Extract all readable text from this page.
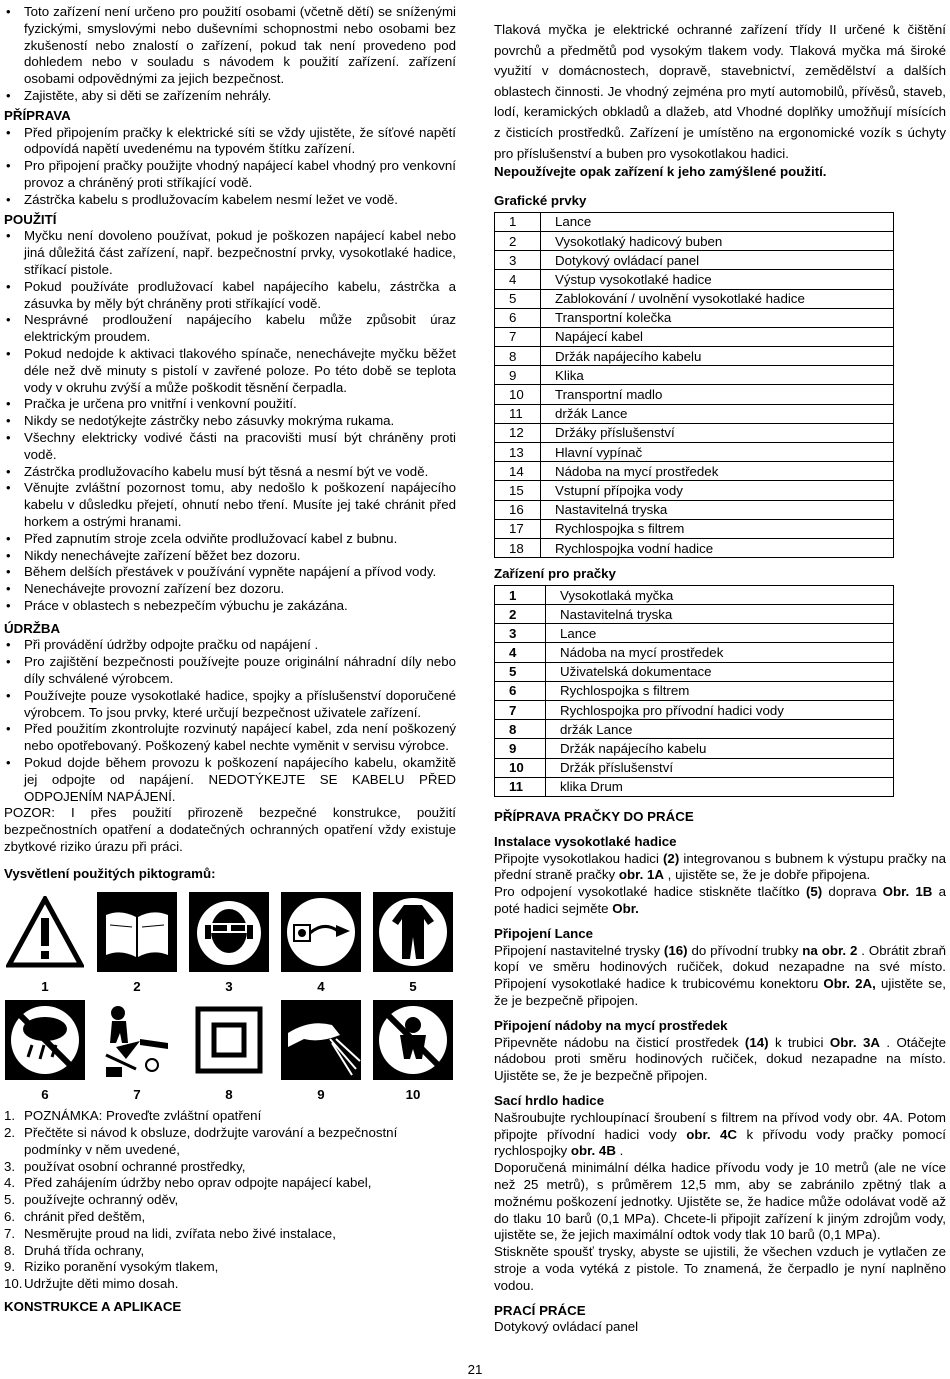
• Toto zařízení není určeno pro použití osobami (včetně dětí) se sníženými fyzickými, smyslovými nebo duševními schopnostmi nebo osobami bez zkušeností nebo znalostí o zařízení, pokud tak není provedeno pod dohledem nebo v souladu s návodem k použití zařízení. zařízení osobami odpovědnými za jejich bezpečnost.
• Zajistěte, aby si děti se zařízením nehrály.
PŘÍPRAVA
• Před připojením pračky k elektrické síti se vždy ujistěte, že síťové napětí odpovídá napětí uvedenému na typovém štítku zařízení.
• Pro připojení pračky použijte vhodný napájecí kabel vhodný pro venkovní provoz a chráněný proti stříkající vodě.
• Zástrčka kabelu s prodlužovacím kabelem nesmí ležet ve vodě.
POUŽITÍ
• Myčku není dovoleno používat, pokud je poškozen napájecí kabel nebo jiná důležitá část zařízení, např. bezpečnostní prvky, vysokotlaké hadice, stříkací pistole.
• Pokud používáte prodlužovací kabel napájecího kabelu, zástrčka a zásuvka by měly být chráněny proti stříkající vodě.
• Nesprávné prodloužení napájecího kabelu může způsobit úraz elektrickým proudem.
• Pokud nedojde k aktivaci tlakového spínače, nenechávejte myčku běžet déle než dvě minuty s pistolí v zavřené poloze. Po této době se teplota vody v okruhu zvýší a může poškodit těsnění čerpadla.
• Pračka je určena pro vnitřní i venkovní použití.
• Nikdy se nedotýkejte zástrčky nebo zásuvky mokrýma rukama.
• Všechny elektricky vodivé části na pracovišti musí být chráněny proti vodě.
• Zástrčka prodlužovacího kabelu musí být těsná a nesmí být ve vodě.
• Věnujte zvláštní pozornost tomu, aby nedošlo k poškození napájecího kabelu v důsledku přejetí, ohnutí nebo tření. Musíte jej také chránit před horkem a ostrými hranami.
• Před zapnutím stroje zcela odviňte prodlužovací kabel z bubnu.
• Nikdy nenechávejte zařízení běžet bez dozoru.
• Během delších přestávek v používání vypněte napájení a přívod vody.
• Nenechávejte provozní zařízení bez dozoru.
• Práce v oblastech s nebezpečím výbuchu je zakázána.
ÚDRŽBA
• Při provádění údržby odpojte pračku od napájení .
• Pro zajištění bezpečnosti používejte pouze originální náhradní díly nebo díly schválené výrobcem.
• Používejte pouze vysokotlaké hadice, spojky a příslušenství doporučené výrobcem. To jsou prvky, které určují bezpečnost uživatele zařízení.
• Před použitím zkontrolujte rozvinutý napájecí kabel, zda není poškozený nebo opotřebovaný. Poškozený kabel nechte vyměnit v servisu výrobce.
• Pokud dojde během provozu k poškození napájecího kabelu, okamžitě jej odpojte od napájení. NEDOTÝKEJTE SE KABELU PŘED ODPOJENÍM NAPÁJENÍ.

POZOR: I přes použití přirozeně bezpečné konstrukce, použití bezpečnostních opatření a dodatečných ochranných opatření vždy existuje zbytkové riziko úrazu při práci.

Vysvětlení použitých piktogramů:
1	2	3	4	5
6	7	8	9	10
1. POZNÁMKA: Proveďte zvláštní opatření
2. Přečtěte si návod k obsluze, dodržujte varování a bezpečnostní podmínky v něm uvedené,
3. používat osobní ochranné prostředky,
4. Před zahájením údržby nebo oprav odpojte napájecí kabel,
5. používejte ochranný oděv,
6. chránit před deštěm,
7. Nesměrujte proud na lidi, zvířata nebo živé instalace,
8. Druhá třída ochrany,
9. Riziko poranění vysokým tlakem,
10. Udržujte děti mimo dosah.
KONSTRUKCE A APLIKACE

Tlaková myčka je elektrické ochranné zařízení třídy II určené k čištění povrchů a předmětů pod vysokým tlakem vody. Tlaková myčka má široké využití v domácnostech, dopravě, stavebnictví, zemědělství a dalších oblastech činnosti. Je vhodný zejména pro mytí automobilů, přívěsů, staveb, lodí, keramických obkladů a dlažeb, atd Vhodné doplňky umožňují mísících z čisticích prostředků. Zařízení je umístěno na ergonomické vozík s úchyty pro příslušenství a buben pro vysokotlakou hadici.

Nepoužívejte opak zařízení k jeho zamýšlené použití.

Grafické prvky
1	Lance
2	Vysokotlaký hadicový buben
3	Dotykový ovládací panel
4	Výstup vysokotlaké hadice
5	Zablokování / uvolnění vysokotlaké hadice
6	Transportní kolečka
7	Napájecí kabel
8	Držák napájecího kabelu
9	Klika
10	Transportní madlo
11	držák Lance
12	Držáky příslušenství
13	Hlavní vypínač
14	Nádoba na mycí prostředek
15	Vstupní přípojka vody
16	Nastavitelná tryska
17	Rychlospojka s filtrem
18	Rychlospojka vodní hadice
Zařízení pro pračky
1	Vysokotlaká myčka
2	Nastavitelná tryska
3	Lance
4	Nádoba na mycí prostředek
5	Uživatelská dokumentace
6	Rychlospojka s filtrem
7	Rychlospojka pro přívodní hadici vody
8	držák Lance
9	Držák napájecího kabelu
10	Držák příslušenství
11	klika Drum
PŘÍPRAVA PRAČKY DO PRÁCE
Instalace vysokotlaké hadice

Připojte vysokotlakou hadici (2) integrovanou s bubnem k výstupu pračky na přední straně pračky obr. 1A , ujistěte se, že je dobře připojena.

Pro odpojení vysokotlaké hadice stiskněte tlačítko (5) doprava Obr. 1B a poté hadici sejměte Obr.

Připojení Lance

Připojení nastavitelné trysky (16) do přívodní trubky na obr. 2 . Obrátit zbraň kopí ve směru hodinových ručiček, dokud nezapadne na své místo. Připojení vysokotlaké hadice k trubicovému konektoru Obr. 2A, ujistěte se, že je bezpečně připojen.

Připojení nádoby na mycí prostředek

Připevněte nádobu na čisticí prostředek (14) k trubici Obr. 3A . Otáčejte nádobou proti směru hodinových ručiček, dokud nezapadne na místo. Ujistěte se, že je bezpečně připojen.

Sací hrdlo hadice

Našroubujte rychloupínací šroubení s filtrem na přívod vody obr. 4A. Potom připojte přívodní hadici vody obr. 4C k přívodu vody pračky pomocí rychlospojky obr. 4B .

Doporučená minimální délka hadice přívodu vody je 10 metrů (ale ne více než 25 metrů), s průměrem 12,5 mm, aby se zabránilo zpětný tlak a možnému poškození jednotky. Ujistěte se, že hadice může odolávat vodě až do tlaku 10 barů (0,1 MPa). Chcete-li připojit zařízení k jiným zdrojům vody, ujistěte se, že jejich maximální odtok vody tlak 10 barů (0,1 MPa).

Stiskněte spoušť trysky, abyste se ujistili, že všechen vzduch je vytlačen ze stroje a voda vytéká z pistole. To znamená, že čerpadlo je nyní naplněno vodou.

PRACÍ PRÁCE

Dotykový ovládací panel

21
